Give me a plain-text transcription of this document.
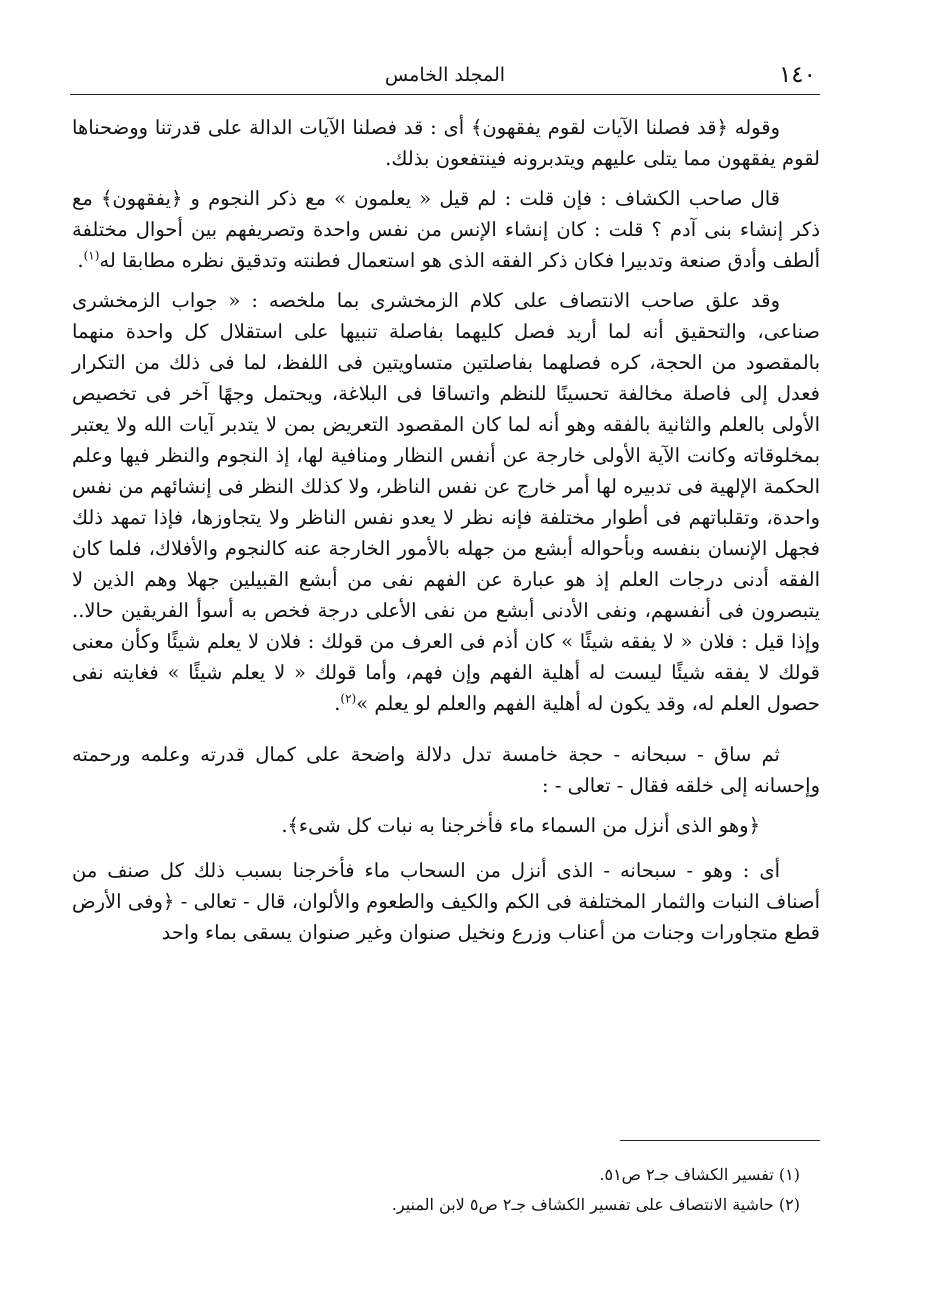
١٤٠
المجلد الخامس

وقوله ﴿قد فصلنا الآيات لقوم يفقهون﴾ أى : قد فصلنا الآيات الدالة على قدرتنا ووضحناها لقوم يفقهون مما يتلى عليهم ويتدبرونه فينتفعون بذلك.

قال صاحب الكشاف : فإن قلت : لم قيل « يعلمون » مع ذكر النجوم و ﴿يفقهون﴾ مع ذكر إنشاء بنى آدم ؟ قلت : كان إنشاء الإنس من نفس واحدة وتصريفهم بين أحوال مختلفة ألطف وأدق صنعة وتدبيرا فكان ذكر الفقه الذى هو استعمال فطنته وتدقيق نظره مطابقا له$^{(١)}$.

وقد علق صاحب الانتصاف على كلام الزمخشرى بما ملخصه : « جواب الزمخشرى صناعى، والتحقيق أنه لما أريد فصل كليهما بفاصلة تنبيها على استقلال كل واحدة منهما بالمقصود من الحجة، كره فصلهما بفاصلتين متساويتين فى اللفظ، لما فى ذلك من التكرار فعدل إلى فاصلة مخالفة تحسينًا للنظم واتساقا فى البلاغة، ويحتمل وجهًا آخر فى تخصيص الأولى بالعلم والثانية بالفقه وهو أنه لما كان المقصود التعريض بمن لا يتدبر آيات الله ولا يعتبر بمخلوقاته وكانت الآية الأولى خارجة عن أنفس النظار ومنافية لها، إذ النجوم والنظر فيها وعلم الحكمة الإلهية فى تدبيره لها أمر خارج عن نفس الناظر، ولا كذلك النظر فى إنشائهم من نفس واحدة، وتقلباتهم فى أطوار مختلفة فإنه نظر لا يعدو نفس الناظر ولا يتجاوزها، فإذا تمهد ذلك فجهل الإنسان بنفسه وبأحواله أبشع من جهله بالأمور الخارجة عنه كالنجوم والأفلاك، فلما كان الفقه أدنى درجات العلم إذ هو عبارة عن الفهم نفى من أبشع القبيلين جهلا وهم الذين لا يتبصرون فى أنفسهم، ونفى الأدنى أبشع من نفى الأعلى درجة فخص به أسوأ الفريقين حالا.. وإذا قيل : فلان « لا يفقه شيئًا » كان أذم فى العرف من قولك : فلان لا يعلم شيئًا وكأن معنى قولك لا يفقه شيئًا ليست له أهلية الفهم وإن فهم، وأما قولك « لا يعلم شيئًا » فغايته نفى حصول العلم له، وقد يكون له أهلية الفهم والعلم لو يعلم »$^{(٢)}$.

ثم ساق - سبحانه - حجة خامسة تدل دلالة واضحة على كمال قدرته وعلمه ورحمته وإحسانه إلى خلقه فقال - تعالى - :

﴿وهو الذى أنزل من السماء ماء فأخرجنا به نبات كل شىء﴾.

أى : وهو - سبحانه - الذى أنزل من السحاب ماء فأخرجنا بسبب ذلك كل صنف من أصناف النبات والثمار المختلفة فى الكم والكيف والطعوم والألوان، قال - تعالى - ﴿وفى الأرض قطع متجاورات وجنات من أعناب وزرع ونخيل صنوان وغير صنوان يسقى بماء واحد

(١) تفسير الكشاف جـ٢ ص٥١.
(٢) حاشية الانتصاف على تفسير الكشاف جـ٢ ص٥ لابن المنير.
